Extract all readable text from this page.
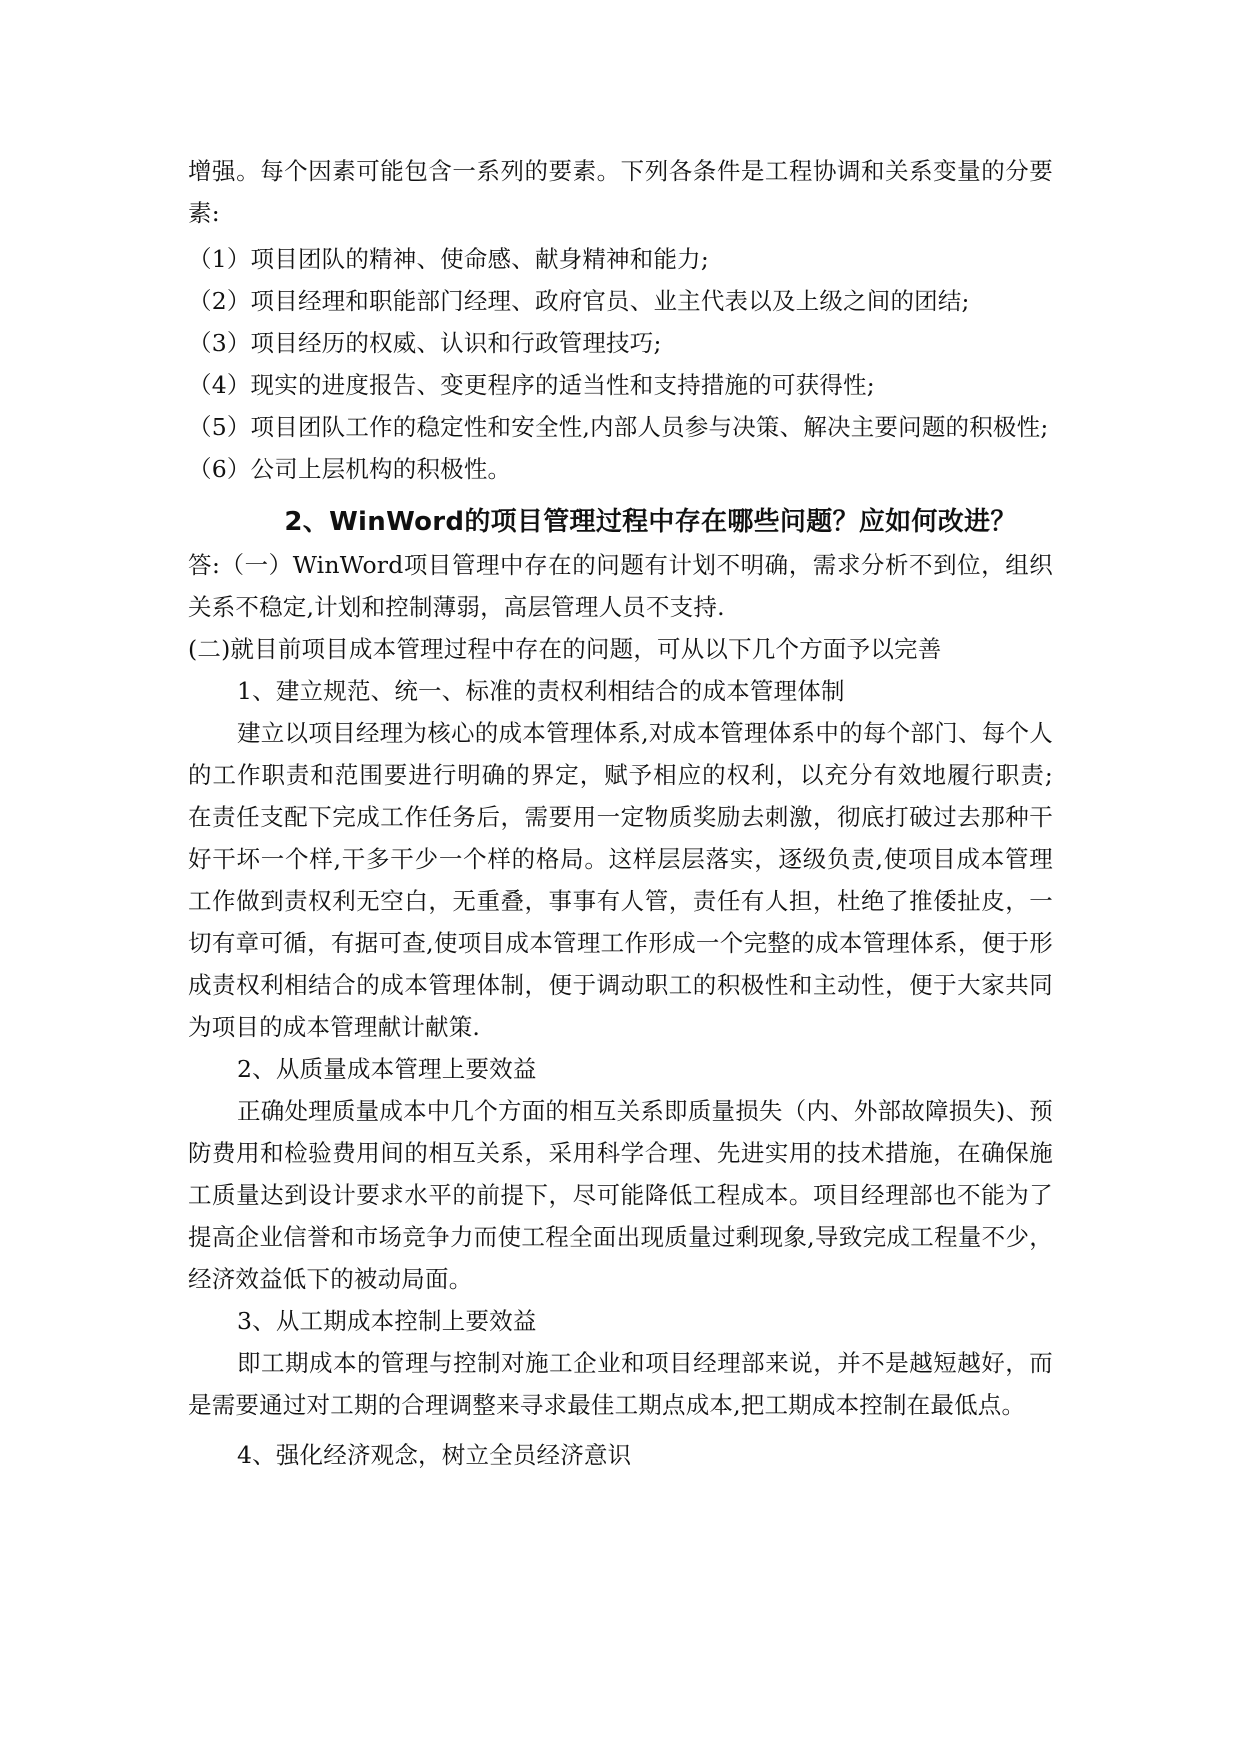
增强。每个因素可能包含一系列的要素。下列各条件是工程协调和关系变量的分要素:

（1）项目团队的精神、使命感、献身精神和能力;

（2）项目经理和职能部门经理、政府官员、业主代表以及上级之间的团结;

（3）项目经历的权威、认识和行政管理技巧;

（4）现实的进度报告、变更程序的适当性和支持措施的可获得性;

（5）项目团队工作的稳定性和安全性,内部人员参与决策、解决主要问题的积极性;

（6）公司上层机构的积极性。

2、WinWord的项目管理过程中存在哪些问题？应如何改进？

答:（一）WinWord项目管理中存在的问题有计划不明确，需求分析不到位，组织关系不稳定,计划和控制薄弱，高层管理人员不支持.

(二)就目前项目成本管理过程中存在的问题，可从以下几个方面予以完善

1、建立规范、统一、标准的责权利相结合的成本管理体制

建立以项目经理为核心的成本管理体系,对成本管理体系中的每个部门、每个人的工作职责和范围要进行明确的界定，赋予相应的权利，以充分有效地履行职责; 在责任支配下完成工作任务后，需要用一定物质奖励去刺激，彻底打破过去那种干好干坏一个样,干多干少一个样的格局。这样层层落实，逐级负责,使项目成本管理工作做到责权利无空白，无重叠，事事有人管，责任有人担，杜绝了推倭扯皮，一切有章可循，有据可查,使项目成本管理工作形成一个完整的成本管理体系，便于形成责权利相结合的成本管理体制，便于调动职工的积极性和主动性，便于大家共同为项目的成本管理献计献策.

2、从质量成本管理上要效益

正确处理质量成本中几个方面的相互关系即质量损失（内、外部故障损失)、预防费用和检验费用间的相互关系，采用科学合理、先进实用的技术措施，在确保施工质量达到设计要求水平的前提下，尽可能降低工程成本。项目经理部也不能为了提高企业信誉和市场竞争力而使工程全面出现质量过剩现象,导致完成工程量不少，经济效益低下的被动局面。

3、从工期成本控制上要效益

即工期成本的管理与控制对施工企业和项目经理部来说，并不是越短越好，而是需要通过对工期的合理调整来寻求最佳工期点成本,把工期成本控制在最低点。

4、强化经济观念，树立全员经济意识
